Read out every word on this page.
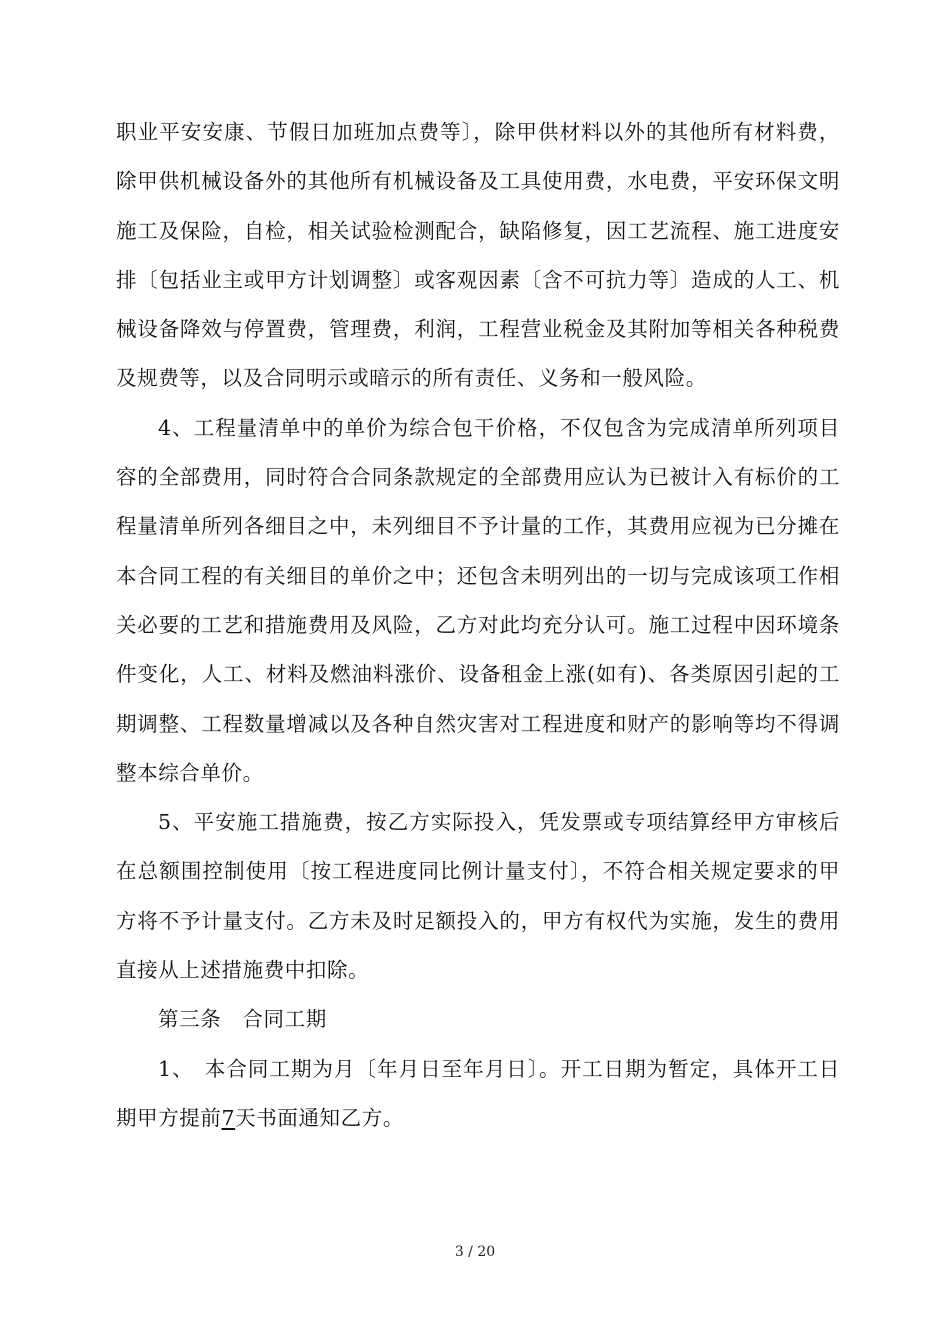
职业平安安康、节假日加班加点费等〕，除甲供材料以外的其他所有材料费，除甲供机械设备外的其他所有机械设备及工具使用费，水电费，平安环保文明施工及保险，自检，相关试验检测配合，缺陷修复，因工艺流程、施工进度安排〔包括业主或甲方计划调整〕或客观因素〔含不可抗力等〕造成的人工、机械设备降效与停置费，管理费，利润，工程营业税金及其附加等相关各种税费及规费等，以及合同明示或暗示的所有责任、义务和一般风险。

4、工程量清单中的单价为综合包干价格，不仅包含为完成清单所列项目容的全部费用，同时符合合同条款规定的全部费用应认为已被计入有标价的工程量清单所列各细目之中，未列细目不予计量的工作，其费用应视为已分摊在本合同工程的有关细目的单价之中；还包含未明列出的一切与完成该项工作相关必要的工艺和措施费用及风险，乙方对此均充分认可。施工过程中因环境条件变化，人工、材料及燃油料涨价、设备租金上涨(如有)、各类原因引起的工期调整、工程数量增减以及各种自然灾害对工程进度和财产的影响等均不得调整本综合单价。

5、平安施工措施费，按乙方实际投入，凭发票或专项结算经甲方审核后在总额围控制使用〔按工程进度同比例计量支付〕，不符合相关规定要求的甲方将不予计量支付。乙方未及时足额投入的，甲方有权代为实施，发生的费用直接从上述措施费中扣除。

第三条　合同工期

1、　本合同工期为月〔年月日至年月日〕。开工日期为暂定，具体开工日期甲方提前7天书面通知乙方。

3 / 20
